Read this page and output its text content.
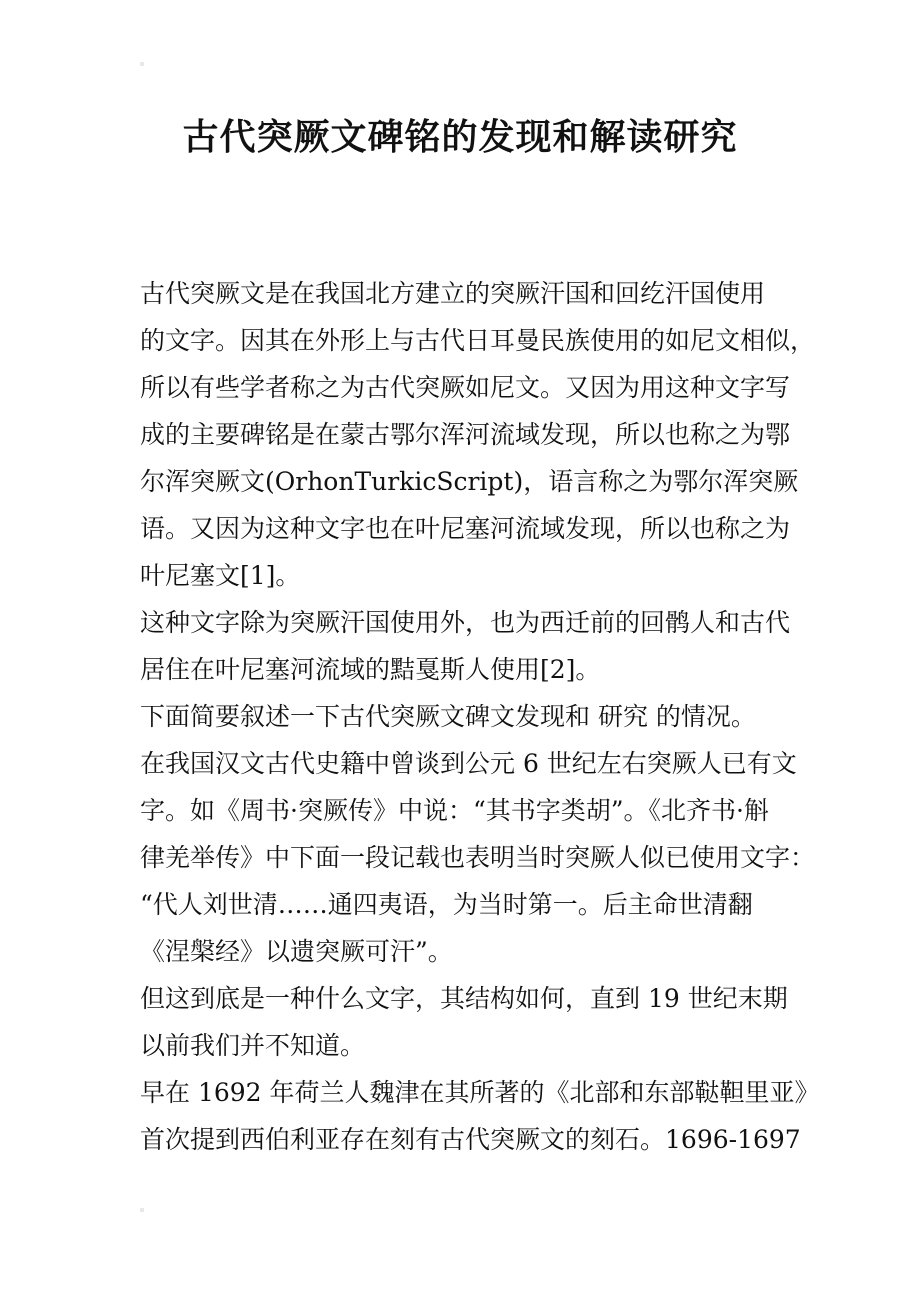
古代突厥文碑铭的发现和解读研究
古代突厥文是在我国北方建立的突厥汗国和回纥汗国使用
的文字。因其在外形上与古代日耳曼民族使用的如尼文相似，
所以有些学者称之为古代突厥如尼文。又因为用这种文字写
成的主要碑铭是在蒙古鄂尔浑河流域发现，所以也称之为鄂
尔浑突厥文(OrhonTurkicScript)，语言称之为鄂尔浑突厥
语。又因为这种文字也在叶尼塞河流域发现，所以也称之为
叶尼塞文[1]。
这种文字除为突厥汗国使用外，也为西迁前的回鹘人和古代
居住在叶尼塞河流域的黠戛斯人使用[2]。
下面简要叙述一下古代突厥文碑文发现和 研究 的情况。
在我国汉文古代史籍中曾谈到公元 6 世纪左右突厥人已有文
字。如《周书·突厥传》中说：“其书字类胡”。《北齐书·斛
律羌举传》中下面一段记载也表明当时突厥人似已使用文字：
“代人刘世清……通四夷语，为当时第一。后主命世清翻
《涅槃经》以遗突厥可汗”。
但这到底是一种什么文字，其结构如何，直到 19 世纪末期
以前我们并不知道。
早在 1692 年荷兰人魏津在其所著的《北部和东部鞑靼里亚》
首次提到西伯利亚存在刻有古代突厥文的刻石。1696-1697
